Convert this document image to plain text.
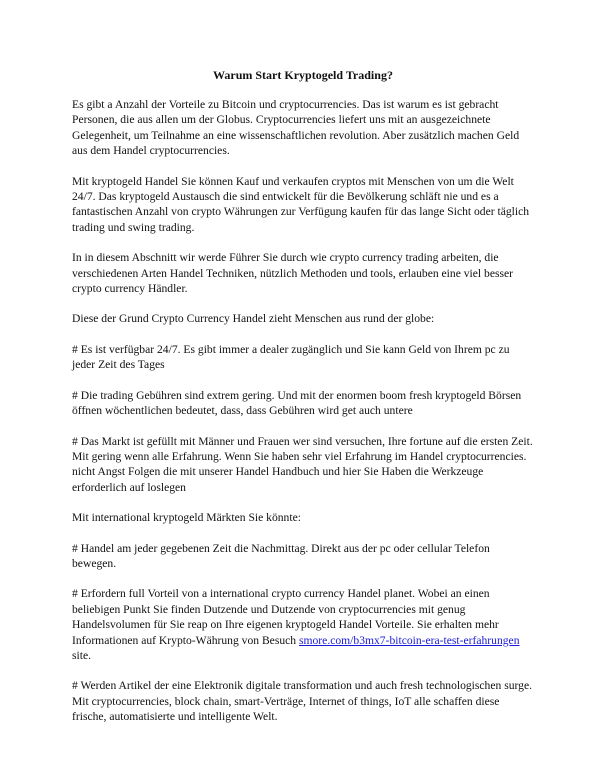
Warum Start Kryptogeld Trading?

Es gibt a Anzahl der Vorteile zu Bitcoin und cryptocurrencies. Das ist warum es ist gebracht Personen, die aus allen um der Globus. Cryptocurrencies liefert uns mit an ausgezeichnete Gelegenheit, um Teilnahme an eine wissenschaftlichen revolution. Aber zusätzlich machen Geld aus dem Handel cryptocurrencies.

Mit kryptogeld Handel Sie können Kauf und verkaufen cryptos mit Menschen von um die Welt 24/7. Das kryptogeld Austausch die sind entwickelt für die Bevölkerung schläft nie und es a fantastischen Anzahl von crypto Währungen zur Verfügung kaufen für das lange Sicht oder täglich trading und swing trading.

In in diesem Abschnitt wir werde Führer Sie durch wie crypto currency trading arbeiten, die verschiedenen Arten Handel Techniken, nützlich Methoden und tools, erlauben eine viel besser crypto currency Händler.

Diese der Grund Crypto Currency Handel zieht Menschen aus rund der globe:

# Es ist verfügbar 24/7. Es gibt immer a dealer zugänglich und Sie kann Geld von Ihrem pc zu jeder Zeit des Tages

# Die trading Gebühren sind extrem gering. Und mit der enormen boom fresh kryptogeld Börsen öffnen wöchentlichen bedeutet, dass, dass Gebühren wird get auch untere

# Das Markt ist gefüllt mit Männer und Frauen wer sind versuchen, Ihre fortune auf die ersten Zeit. Mit gering wenn alle Erfahrung. Wenn Sie haben sehr viel Erfahrung im Handel cryptocurrencies. nicht Angst Folgen die mit unserer Handel Handbuch und hier Sie Haben die Werkzeuge erforderlich auf loslegen

Mit international kryptogeld Märkten Sie könnte:

# Handel am jeder gegebenen Zeit die Nachmittag. Direkt aus der pc oder cellular Telefon bewegen.

# Erfordern full Vorteil von a international crypto currency Handel planet. Wobei an einen beliebigen Punkt Sie finden Dutzende und Dutzende von cryptocurrencies mit genug Handelsvolumen für Sie reap on Ihre eigenen kryptogeld Handel Vorteile. Sie erhalten mehr Informationen auf Krypto-Währung von Besuch smore.com/b3mx7-bitcoin-era-test-erfahrungen site.

# Werden Artikel der eine Elektronik digitale transformation und auch fresh technologischen surge. Mit cryptocurrencies, block chain, smart-Verträge, Internet of things, IoT alle schaffen diese frische, automatisierte und intelligente Welt.
